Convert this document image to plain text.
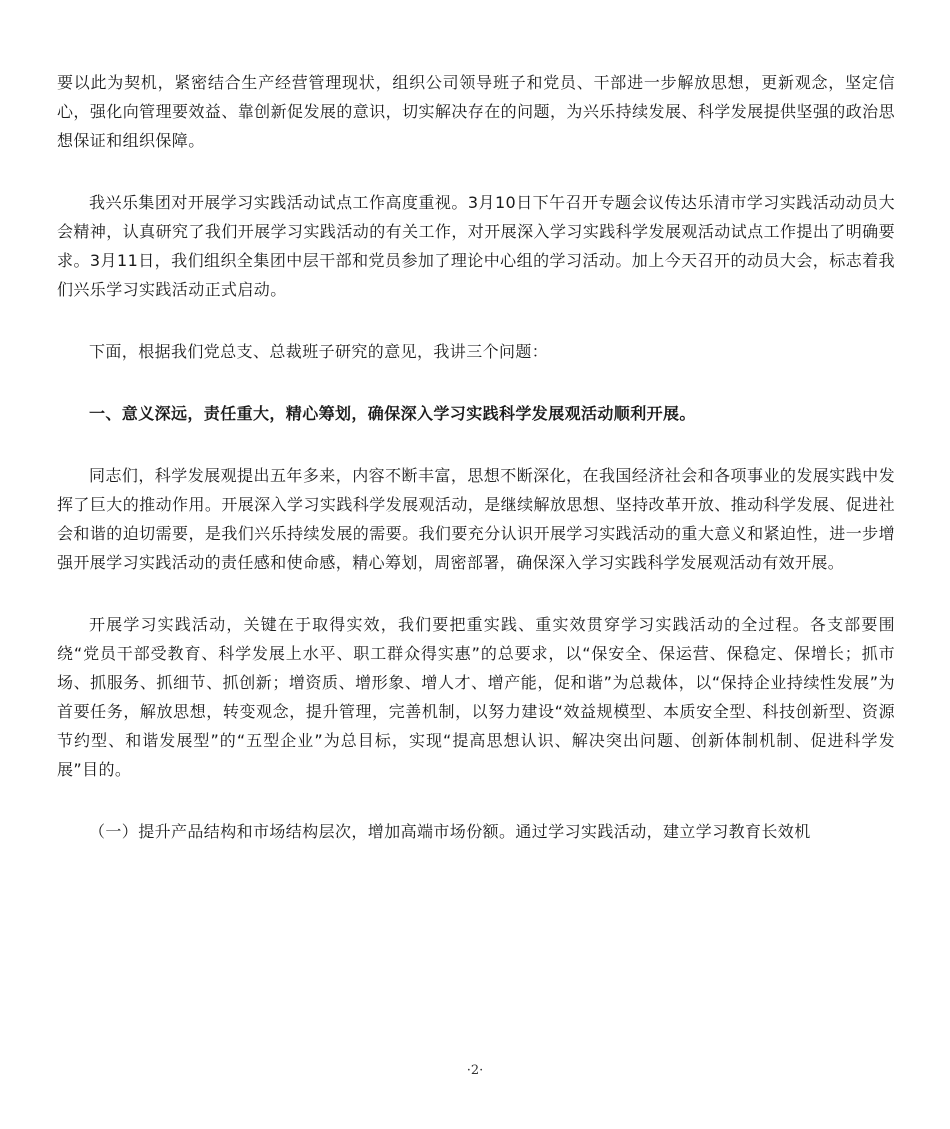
要以此为契机，紧密结合生产经营管理现状，组织公司领导班子和党员、干部进一步解放思想，更新观念，坚定信心，强化向管理要效益、靠创新促发展的意识，切实解决存在的问题，为兴乐持续发展、科学发展提供坚强的政治思想保证和组织保障。

我兴乐集团对开展学习实践活动试点工作高度重视。3月10日下午召开专题会议传达乐清市学习实践活动动员大会精神，认真研究了我们开展学习实践活动的有关工作，对开展深入学习实践科学发展观活动试点工作提出了明确要求。3月11日，我们组织全集团中层干部和党员参加了理论中心组的学习活动。加上今天召开的动员大会，标志着我们兴乐学习实践活动正式启动。

下面，根据我们党总支、总裁班子研究的意见，我讲三个问题：

一、意义深远，责任重大，精心筹划，确保深入学习实践科学发展观活动顺利开展。

同志们，科学发展观提出五年多来，内容不断丰富，思想不断深化，在我国经济社会和各项事业的发展实践中发挥了巨大的推动作用。开展深入学习实践科学发展观活动，是继续解放思想、坚持改革开放、推动科学发展、促进社会和谐的迫切需要，是我们兴乐持续发展的需要。我们要充分认识开展学习实践活动的重大意义和紧迫性，进一步增强开展学习实践活动的责任感和使命感，精心筹划，周密部署，确保深入学习实践科学发展观活动有效开展。

开展学习实践活动，关键在于取得实效，我们要把重实践、重实效贯穿学习实践活动的全过程。各支部要围绕“党员干部受教育、科学发展上水平、职工群众得实惠”的总要求，以“保安全、保运营、保稳定、保增长；抓市场、抓服务、抓细节、抓创新；增资质、增形象、增人才、增产能，促和谐”为总裁体，以“保持企业持续性发展”为首要任务，解放思想，转变观念，提升管理，完善机制，以努力建设“效益规模型、本质安全型、科技创新型、资源节约型、和谐发展型”的“五型企业”为总目标，实现“提高思想认识、解决突出问题、创新体制机制、促进科学发展”目的。

（一）提升产品结构和市场结构层次，增加高端市场份额。通过学习实践活动，建立学习教育长效机

·2·
